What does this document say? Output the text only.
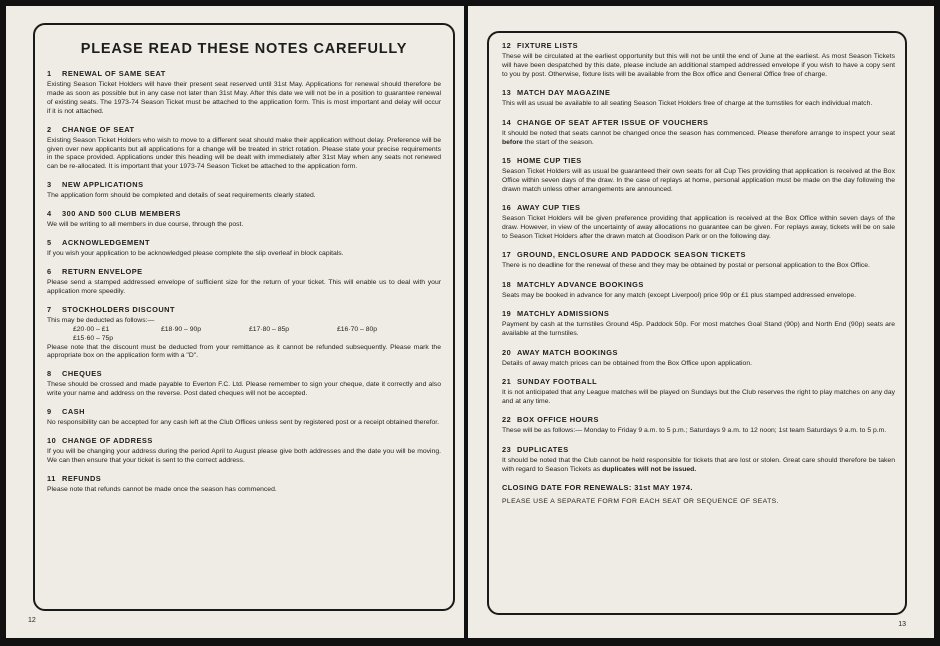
PLEASE READ THESE NOTES CAREFULLY
1 RENEWAL OF SAME SEAT
Existing Season Ticket Holders will have their present seat reserved until 31st May. Applications for renewal should therefore be made as soon as possible but in any case not later than 31st May. After this date we will not be in a position to guarantee renewal of existing seats. The 1973-74 Season Ticket must be attached to the application form. This is most important and delay will occur if it is not attached.
2 CHANGE OF SEAT
Existing Season Ticket Holders who wish to move to a different seat should make their application without delay. Preference will be given over new applicants but all applications for a change will be treated in strict rotation. Please state your precise requirements in the space provided. Applications under this heading will be dealt with immediately after 31st May when any seats not renewed can be re-allocated. It is important that your 1973-74 Season Ticket be attached to the application form.
3 NEW APPLICATIONS
The application form should be completed and details of seat requirements clearly stated.
4 300 AND 500 CLUB MEMBERS
We will be writing to all members in due course, through the post.
5 ACKNOWLEDGEMENT
If you wish your application to be acknowledged please complete the slip overleaf in block capitals.
6 RETURN ENVELOPE
Please send a stamped addressed envelope of sufficient size for the return of your ticket. This will enable us to deal with your application more speedily.
7 STOCKHOLDERS DISCOUNT
This may be deducted as follows:—
£20·00 – £1	£18·90 – 90p	£17·80 – 85p	£16·70 – 80p
£15·60 – 75p
Please note that the discount must be deducted from your remittance as it cannot be refunded subsequently. Please mark the appropriate box on the application form with a "D".
8 CHEQUES
These should be crossed and made payable to Everton F.C. Ltd. Please remember to sign your cheque, date it correctly and also write your name and address on the reverse. Post dated cheques will not be accepted.
9 CASH
No responsibility can be accepted for any cash left at the Club Offices unless sent by registered post or a receipt obtained therefor.
10 CHANGE OF ADDRESS
If you will be changing your address during the period April to August please give both addresses and the date you will be moving. We can then ensure that your ticket is sent to the correct address.
11 REFUNDS
Please note that refunds cannot be made once the season has commenced.
12
12 FIXTURE LISTS
These will be circulated at the earliest opportunity but this will not be until the end of June at the earliest. As most Season Tickets will have been despatched by this date, please include an additional stamped addressed envelope if you wish to have a copy sent to you by post. Otherwise, fixture lists will be available from the Box office and General Office free of charge.
13 MATCH DAY MAGAZINE
This will as usual be available to all seating Season Ticket Holders free of charge at the turnstiles for each individual match.
14 CHANGE OF SEAT AFTER ISSUE OF VOUCHERS
It should be noted that seats cannot be changed once the season has commenced. Please therefore arrange to inspect your seat before the start of the season.
15 HOME CUP TIES
Season Ticket Holders will as usual be guaranteed their own seats for all Cup Ties providing that application is received at the Box Office within seven days of the draw. In the case of replays at home, personal application must be made on the day following the drawn match unless other arrangements are announced.
16 AWAY CUP TIES
Season Ticket Holders will be given preference providing that application is received at the Box Office within seven days of the draw. However, in view of the uncertainty of away allocations no guarantee can be given. For replays away, tickets will be on sale to Season Ticket Holders after the drawn match at Goodison Park or on the following day.
17 GROUND, ENCLOSURE AND PADDOCK SEASON TICKETS
There is no deadline for the renewal of these and they may be obtained by postal or personal application to the Box Office.
18 MATCHLY ADVANCE BOOKINGS
Seats may be booked in advance for any match (except Liverpool) price 90p or £1 plus stamped addressed envelope.
19 MATCHLY ADMISSIONS
Payment by cash at the turnstiles Ground 45p. Paddock 50p. For most matches Goal Stand (90p) and North End (90p) seats are available at the turnstiles.
20 AWAY MATCH BOOKINGS
Details of away match prices can be obtained from the Box Office upon application.
21 SUNDAY FOOTBALL
It is not anticipated that any League matches will be played on Sundays but the Club reserves the right to play matches on any day and at any time.
22 BOX OFFICE HOURS
These will be as follows:— Monday to Friday 9 a.m. to 5 p.m.; Saturdays 9 a.m. to 12 noon; 1st team Saturdays 9 a.m. to 5 p.m.
23 DUPLICATES
It should be noted that the Club cannot be held responsible for tickets that are lost or stolen. Great care should therefore be taken with regard to Season Tickets as duplicates will not be issued.
CLOSING DATE FOR RENEWALS: 31st MAY 1974.
PLEASE USE A SEPARATE FORM FOR EACH SEAT OR SEQUENCE OF SEATS.
13
